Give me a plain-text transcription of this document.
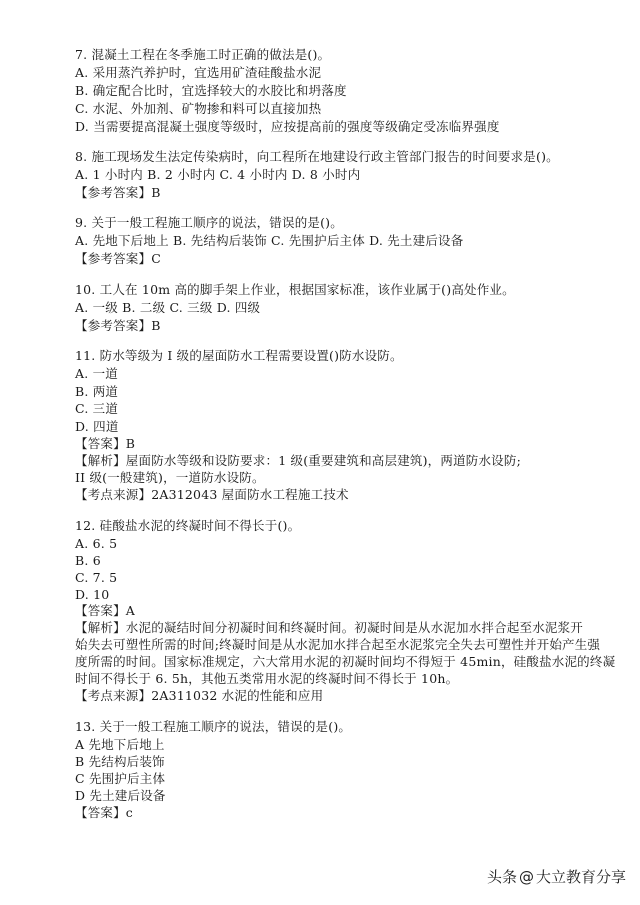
7. 混凝土工程在冬季施工时正确的做法是()。
A. 采用蒸汽养护时，宜选用矿渣硅酸盐水泥
B. 确定配合比时，宜选择较大的水胶比和坍落度
C. 水泥、外加剂、矿物掺和料可以直接加热
D. 当需要提高混凝土强度等级时，应按提高前的强度等级确定受冻临界强度
8. 施工现场发生法定传染病时，向工程所在地建设行政主管部门报告的时间要求是()。
A. 1 小时内 B. 2 小时内 C. 4 小时内 D. 8 小时内
【参考答案】B
9. 关于一般工程施工顺序的说法，错误的是()。
A. 先地下后地上 B. 先结构后装饰 C. 先围护后主体 D. 先土建后设备
【参考答案】C
10. 工人在 10m 高的脚手架上作业，根据国家标准，该作业属于()高处作业。
A. 一级 B. 二级 C. 三级 D. 四级
【参考答案】B
11. 防水等级为 I 级的屋面防水工程需要设置()防水设防。
A. 一道
B. 两道
C. 三道
D. 四道
【答案】B
【解析】屋面防水等级和设防要求：1 级(重要建筑和高层建筑)，两道防水设防;
II 级(一般建筑)，一道防水设防。
【考点来源】2A312043 屋面防水工程施工技术
12. 硅酸盐水泥的终凝时间不得长于()。
A. 6. 5
B. 6
C. 7. 5
D. 10
【答案】A
【解析】水泥的凝结时间分初凝时间和终凝时间。初凝时间是从水泥加水拌合起至水泥浆开
始失去可塑性所需的时间;终凝时间是从水泥加水拌合起至水泥浆完全失去可塑性并开始产生强
度所需的时间。国家标准规定，六大常用水泥的初凝时间均不得短于 45min，硅酸盐水泥的终凝
时间不得长于 6. 5h，其他五类常用水泥的终凝时间不得长于 10h。
【考点来源】2A311032 水泥的性能和应用
13. 关于一般工程施工顺序的说法，错误的是()。
A 先地下后地上
B 先结构后装饰
C 先围护后主体
D 先土建后设备
【答案】c
头条 @ 大立教育分享
